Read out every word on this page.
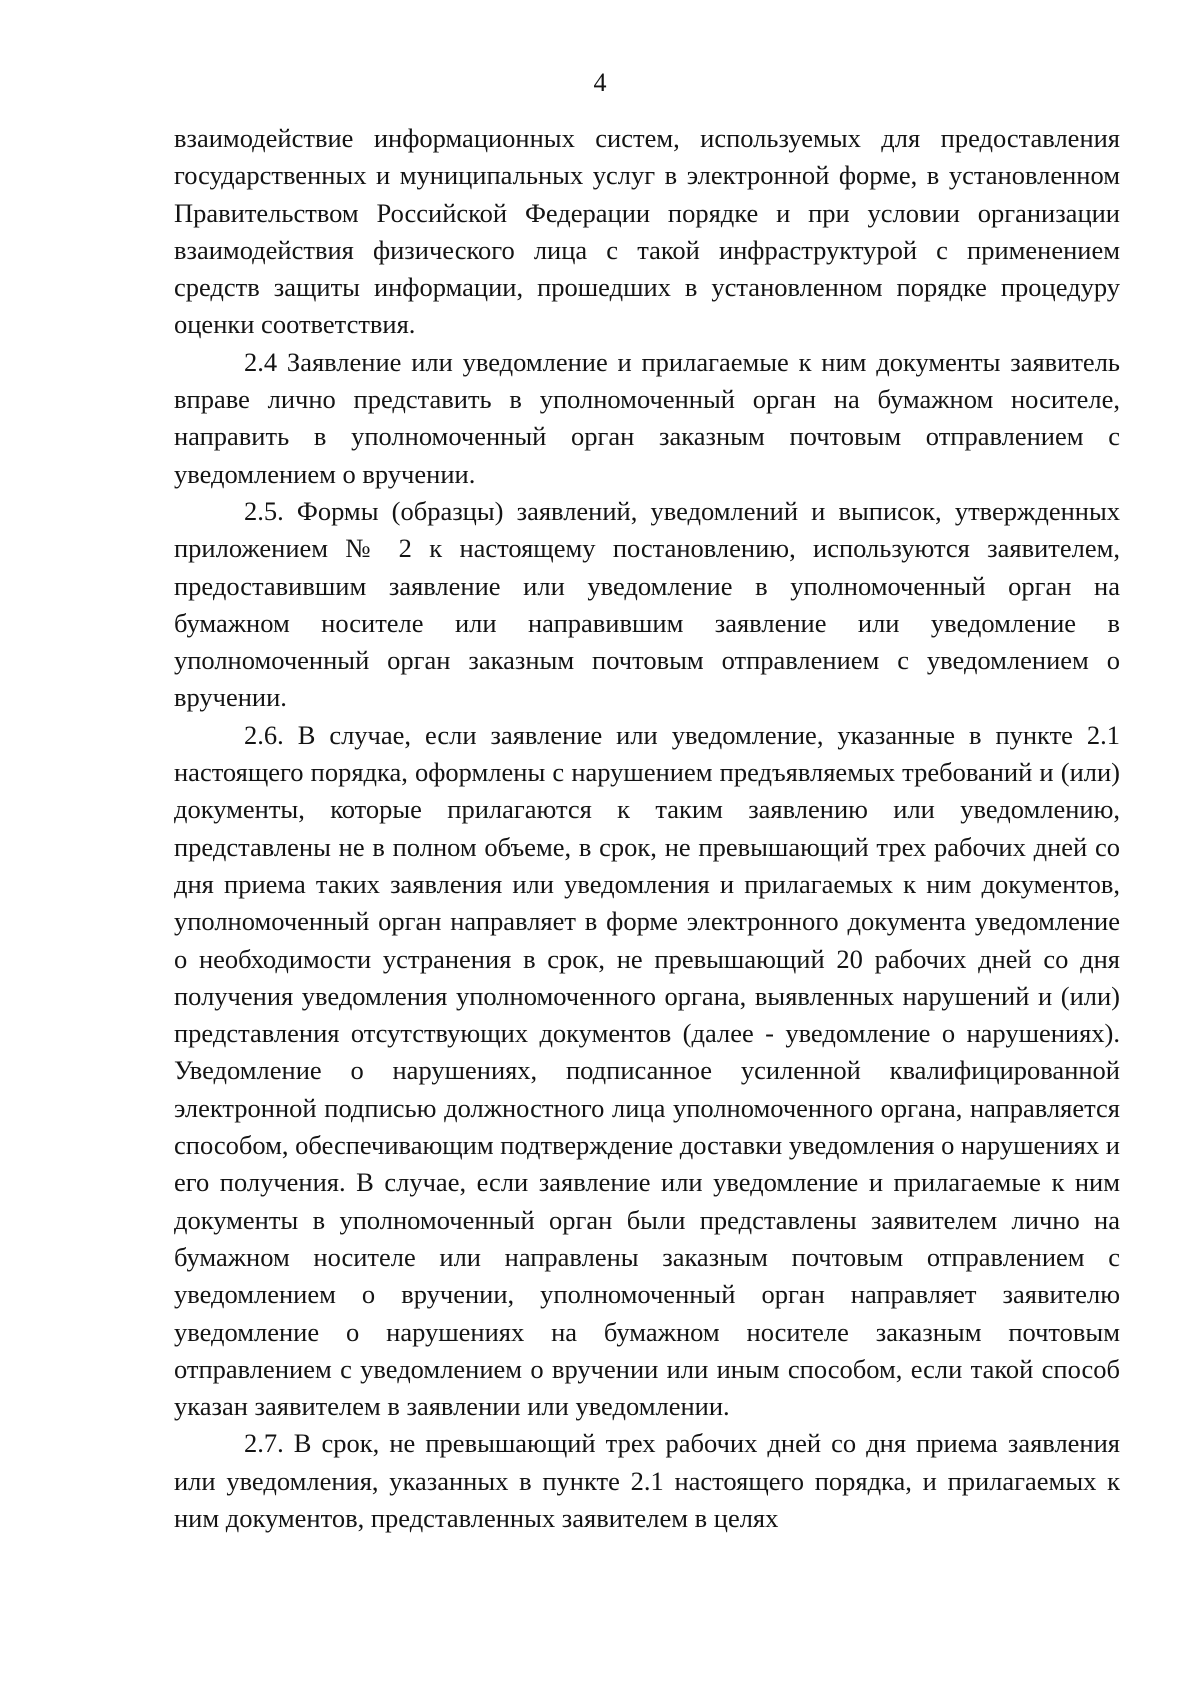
4

взаимодействие информационных систем, используемых для предоставления государственных и муниципальных услуг в электронной форме, в установленном Правительством Российской Федерации порядке и при условии организации взаимодействия физического лица с такой инфраструктурой с применением средств защиты информации, прошедших в установленном порядке процедуру оценки соответствия.

2.4 Заявление или уведомление и прилагаемые к ним документы заявитель вправе лично представить в уполномоченный орган на бумажном носителе, направить в уполномоченный орган заказным почтовым отправлением с уведомлением о вручении.

2.5. Формы (образцы) заявлений, уведомлений и выписок, утвержденных приложением № 2 к настоящему постановлению, используются заявителем, предоставившим заявление или уведомление в уполномоченный орган на бумажном носителе или направившим заявление или уведомление в уполномоченный орган заказным почтовым отправлением с уведомлением о вручении.

2.6. В случае, если заявление или уведомление, указанные в пункте 2.1 настоящего порядка, оформлены с нарушением предъявляемых требований и (или) документы, которые прилагаются к таким заявлению или уведомлению, представлены не в полном объеме, в срок, не превышающий трех рабочих дней со дня приема таких заявления или уведомления и прилагаемых к ним документов, уполномоченный орган направляет в форме электронного документа уведомление о необходимости устранения в срок, не превышающий 20 рабочих дней со дня получения уведомления уполномоченного органа, выявленных нарушений и (или) представления отсутствующих документов (далее - уведомление о нарушениях). Уведомление о нарушениях, подписанное усиленной квалифицированной электронной подписью должностного лица уполномоченного органа, направляется способом, обеспечивающим подтверждение доставки уведомления о нарушениях и его получения. В случае, если заявление или уведомление и прилагаемые к ним документы в уполномоченный орган были представлены заявителем лично на бумажном носителе или направлены заказным почтовым отправлением с уведомлением о вручении, уполномоченный орган направляет заявителю уведомление о нарушениях на бумажном носителе заказным почтовым отправлением с уведомлением о вручении или иным способом, если такой способ указан заявителем в заявлении или уведомлении.

2.7. В срок, не превышающий трех рабочих дней со дня приема заявления или уведомления, указанных в пункте 2.1 настоящего порядка, и прилагаемых к ним документов, представленных заявителем в целях
